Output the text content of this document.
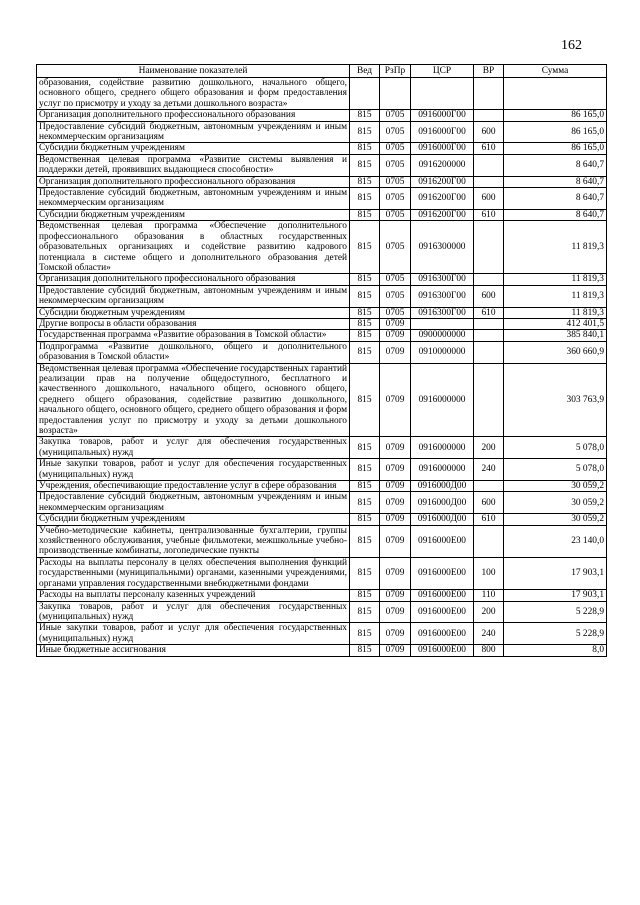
162
Наименование показателей	Вед	РзПр	ЦСР	ВР	Сумма
образования, содействие развитию дошкольного, начального общего, основного общего, среднего общего образования и форм предоставления услуг по присмотру и уходу за детьми дошкольного возраста»					
Организация дополнительного профессионального образования	815	0705	0916000Г00		86 165,0
Предоставление субсидий бюджетным, автономным учреждениям и иным некоммерческим организациям	815	0705	0916000Г00	600	86 165,0
Субсидии бюджетным учреждениям	815	0705	0916000Г00	610	86 165,0
Ведомственная целевая программа «Развитие системы выявления и поддержки детей, проявивших выдающиеся способности»	815	0705	0916200000		8 640,7
Организация дополнительного профессионального образования	815	0705	0916200Г00		8 640,7
Предоставление субсидий бюджетным, автономным учреждениям и иным некоммерческим организациям	815	0705	0916200Г00	600	8 640,7
Субсидии бюджетным учреждениям	815	0705	0916200Г00	610	8 640,7
Ведомственная целевая программа «Обеспечение дополнительного профессионального образования в областных государственных образовательных организациях и содействие развитию кадрового потенциала в системе общего и дополнительного образования детей Томской области»	815	0705	0916300000		11 819,3
Организация дополнительного профессионального образования	815	0705	0916300Г00		11 819,3
Предоставление субсидий бюджетным, автономным учреждениям и иным некоммерческим организациям	815	0705	0916300Г00	600	11 819,3
Субсидии бюджетным учреждениям	815	0705	0916300Г00	610	11 819,3
Другие вопросы в области образования	815	0709			412 401,5
Государственная программа «Развитие образования в Томской области»	815	0709	0900000000		385 840,1
Подпрограмма «Развитие дошкольного, общего и дополнительного образования в Томской области»	815	0709	0910000000		360 660,9
Ведомственная целевая программа «Обеспечение государственных гарантий реализации прав на получение общедоступного, бесплатного и качественного дошкольного, начального общего, основного общего, среднего общего образования, содействие развитию дошкольного, начального общего, основного общего, среднего общего образования и форм предоставления услуг по присмотру и уходу за детьми дошкольного возраста»	815	0709	0916000000		303 763,9
Закупка товаров, работ и услуг для обеспечения государственных (муниципальных) нужд	815	0709	0916000000	200	5 078,0
Иные закупки товаров, работ и услуг для обеспечения государственных (муниципальных) нужд	815	0709	0916000000	240	5 078,0
Учреждения, обеспечивающие предоставление услуг в сфере образования	815	0709	0916000Д00		30 059,2
Предоставление субсидий бюджетным, автономным учреждениям и иным некоммерческим организациям	815	0709	0916000Д00	600	30 059,2
Субсидии бюджетным учреждениям	815	0709	0916000Д00	610	30 059,2
Учебно-методические кабинеты, централизованные бухгалтерии, группы хозяйственного обслуживания, учебные фильмотеки, межшкольные учебно-производственные комбинаты, логопедические пункты	815	0709	0916000Е00		23 140,0
Расходы на выплаты персоналу в целях обеспечения выполнения функций государственными (муниципальными) органами, казенными учреждениями, органами управления государственными внебюджетными фондами	815	0709	0916000Е00	100	17 903,1
Расходы на выплаты персоналу казенных учреждений	815	0709	0916000Е00	110	17 903,1
Закупка товаров, работ и услуг для обеспечения государственных (муниципальных) нужд	815	0709	0916000Е00	200	5 228,9
Иные закупки товаров, работ и услуг для обеспечения государственных (муниципальных) нужд	815	0709	0916000Е00	240	5 228,9
Иные бюджетные ассигнования	815	0709	0916000Е00	800	8,0
